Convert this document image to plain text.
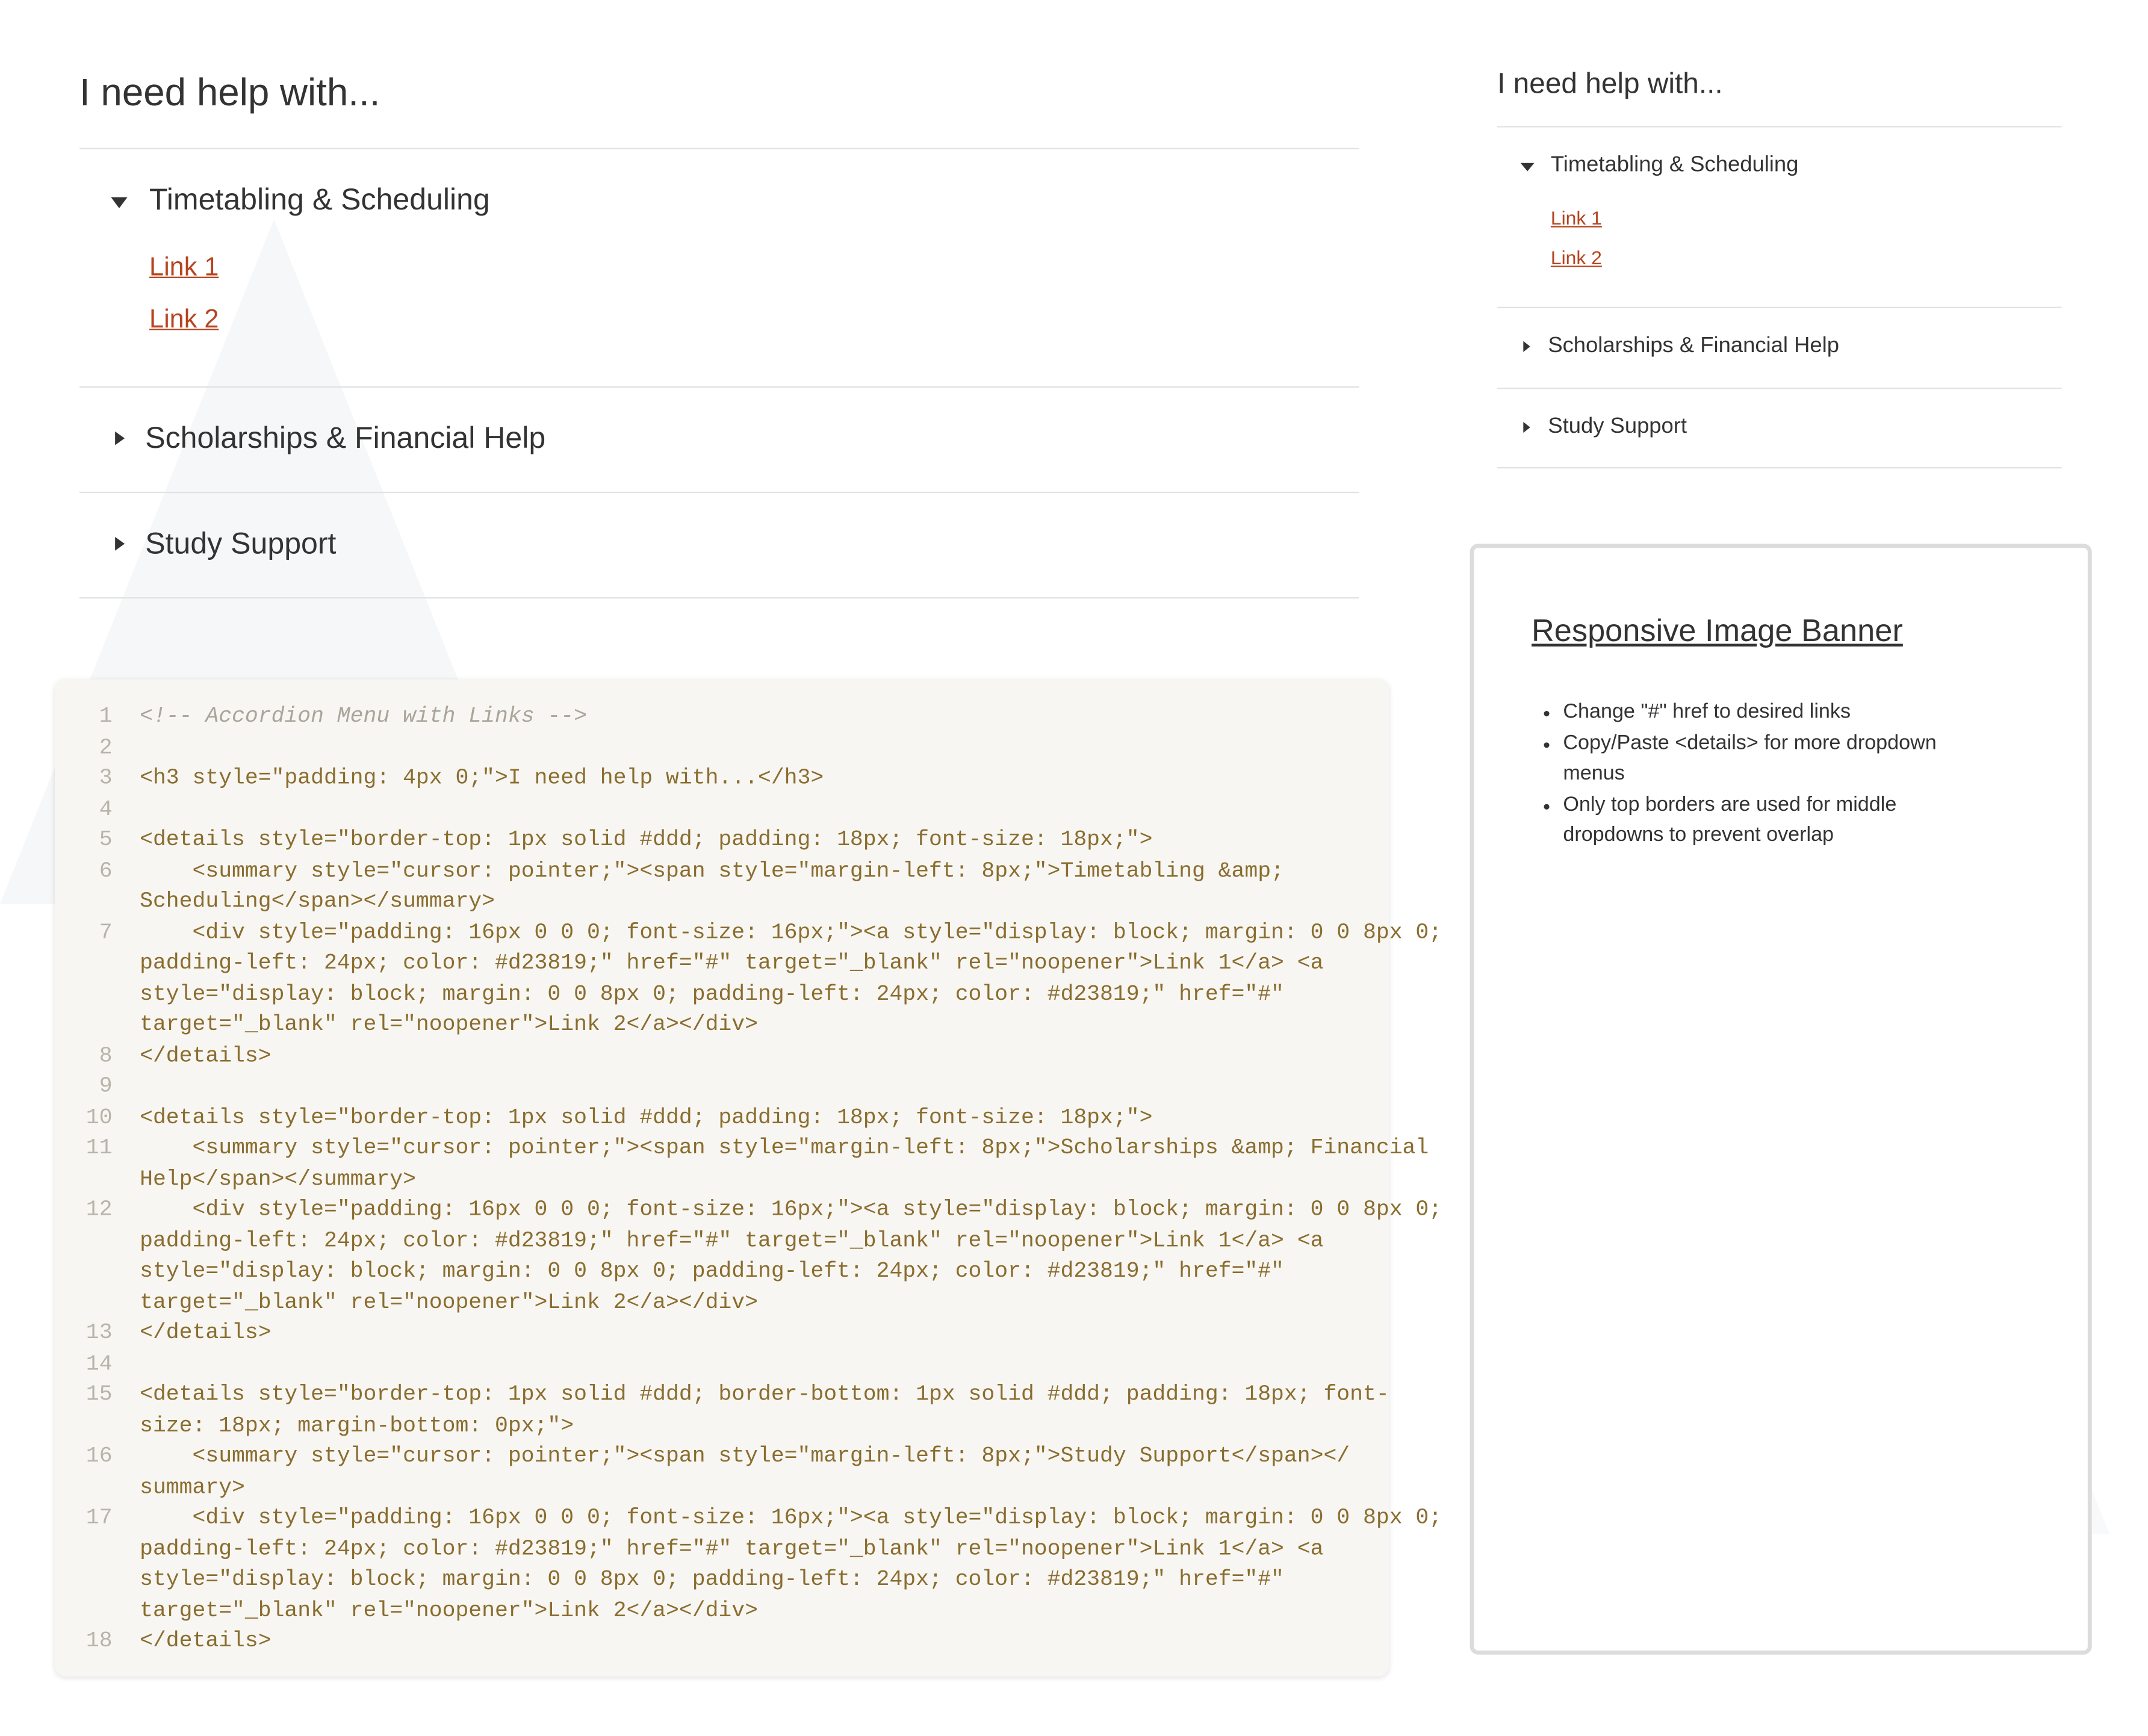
I need help with...
Timetabling & Scheduling
Link 1
Link 2
Scholarships & Financial Help
Study Support
1	<!-- Accordion Menu with Links -->
2
3	<h3 style="padding: 4px 0;">I need help with...</h3>
4
5	<details style="border-top: 1px solid #ddd; padding: 18px; font-size: 18px;">
6	<summary style="cursor: pointer;"><span style="margin-left: 8px;">Timetabling &amp;
Scheduling</span></summary>
7	<div style="padding: 16px 0 0 0; font-size: 16px;"><a style="display: block; margin: 0 0 8px 0;
padding-left: 24px; color: #d23819;" href="#" target="_blank" rel="noopener">Link 1</a> <a
style="display: block; margin: 0 0 8px 0; padding-left: 24px; color: #d23819;" href="#"
target="_blank" rel="noopener">Link 2</a></div>
8	</details>
9
10	<details style="border-top: 1px solid #ddd; padding: 18px; font-size: 18px;">
11	<summary style="cursor: pointer;"><span style="margin-left: 8px;">Scholarships &amp; Financial
Help</span></summary>
12	<div style="padding: 16px 0 0 0; font-size: 16px;"><a style="display: block; margin: 0 0 8px 0;
padding-left: 24px; color: #d23819;" href="#" target="_blank" rel="noopener">Link 1</a> <a
style="display: block; margin: 0 0 8px 0; padding-left: 24px; color: #d23819;" href="#"
target="_blank" rel="noopener">Link 2</a></div>
13	</details>
14
15	<details style="border-top: 1px solid #ddd; border-bottom: 1px solid #ddd; padding: 18px; font-
size: 18px; margin-bottom: 0px;">
16	<summary style="cursor: pointer;"><span style="margin-left: 8px;">Study Support</span></
summary>
17	<div style="padding: 16px 0 0 0; font-size: 16px;"><a style="display: block; margin: 0 0 8px 0;
padding-left: 24px; color: #d23819;" href="#" target="_blank" rel="noopener">Link 1</a> <a
style="display: block; margin: 0 0 8px 0; padding-left: 24px; color: #d23819;" href="#"
target="_blank" rel="noopener">Link 2</a></div>
18	</details>
I need help with...
Timetabling & Scheduling
Link 1
Link 2
Scholarships & Financial Help
Study Support
Responsive Image Banner
Change "#" href to desired links
Copy/Paste <details> for more dropdown
menus
Only top borders are used for middle
dropdowns to prevent overlap
